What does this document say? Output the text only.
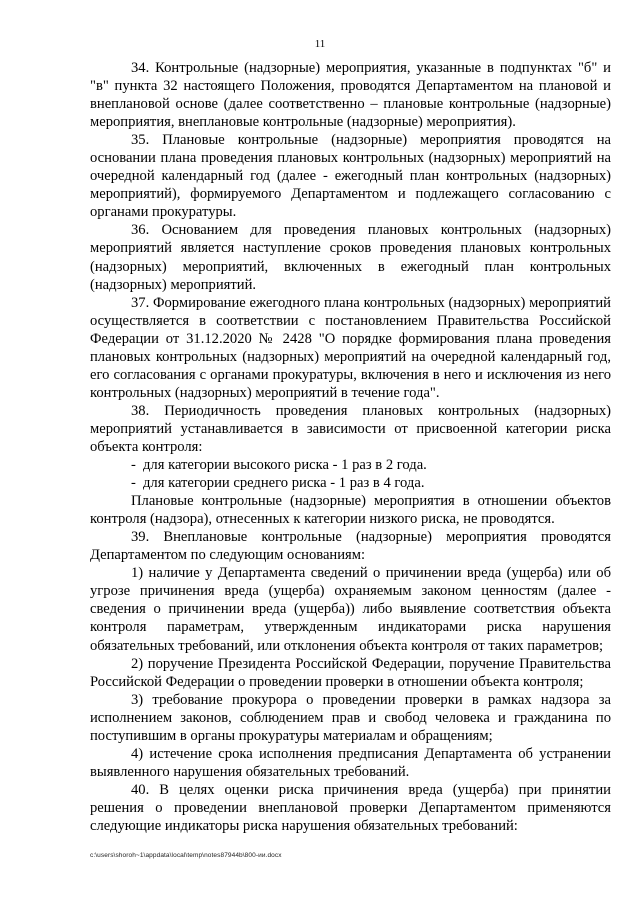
11

34. Контрольные (надзорные) мероприятия, указанные в подпунктах "б" и "в" пункта 32 настоящего Положения, проводятся Департаментом на плановой и внеплановой основе (далее соответственно – плановые контрольные (надзорные) мероприятия, внеплановые контрольные (надзорные) мероприятия).

35. Плановые контрольные (надзорные) мероприятия проводятся на основании плана проведения плановых контрольных (надзорных) мероприятий на очередной календарный год (далее - ежегодный план контрольных (надзорных) мероприятий), формируемого Департаментом и подлежащего согласованию с органами прокуратуры.

36. Основанием для проведения плановых контрольных (надзорных) мероприятий является наступление сроков проведения плановых контрольных (надзорных) мероприятий, включенных в ежегодный план контрольных (надзорных) мероприятий.

37. Формирование ежегодного плана контрольных (надзорных) мероприятий осуществляется в соответствии с постановлением Правительства Российской Федерации от 31.12.2020 № 2428 "О порядке формирования плана проведения плановых контрольных (надзорных) мероприятий на очередной календарный год, его согласования с органами прокуратуры, включения в него и исключения из него контрольных (надзорных) мероприятий в течение года".

38. Периодичность проведения плановых контрольных (надзорных) мероприятий устанавливается в зависимости от присвоенной категории риска объекта контроля:

- для категории высокого риска - 1 раз в 2 года.

- для категории среднего риска - 1 раз в 4 года.

Плановые контрольные (надзорные) мероприятия в отношении объектов контроля (надзора), отнесенных к категории низкого риска, не проводятся.

39. Внеплановые контрольные (надзорные) мероприятия проводятся Департаментом по следующим основаниям:

1) наличие у Департамента сведений о причинении вреда (ущерба) или об угрозе причинения вреда (ущерба) охраняемым законом ценностям (далее - сведения о причинении вреда (ущерба)) либо выявление соответствия объекта контроля параметрам, утвержденным индикаторами риска нарушения обязательных требований, или отклонения объекта контроля от таких параметров;

2) поручение Президента Российской Федерации, поручение Правительства Российской Федерации о проведении проверки в отношении объекта контроля;

3) требование прокурора о проведении проверки в рамках надзора за исполнением законов, соблюдением прав и свобод человека и гражданина по поступившим в органы прокуратуры материалам и обращениям;

4) истечение срока исполнения предписания Департамента об устранении выявленного нарушения обязательных требований.

40. В целях оценки риска причинения вреда (ущерба) при принятии решения о проведении внеплановой проверки Департаментом применяются следующие индикаторы риска нарушения обязательных требований:

c:\users\shoroh~1\appdata\local\temp\notes87944b\800-ии.docx
